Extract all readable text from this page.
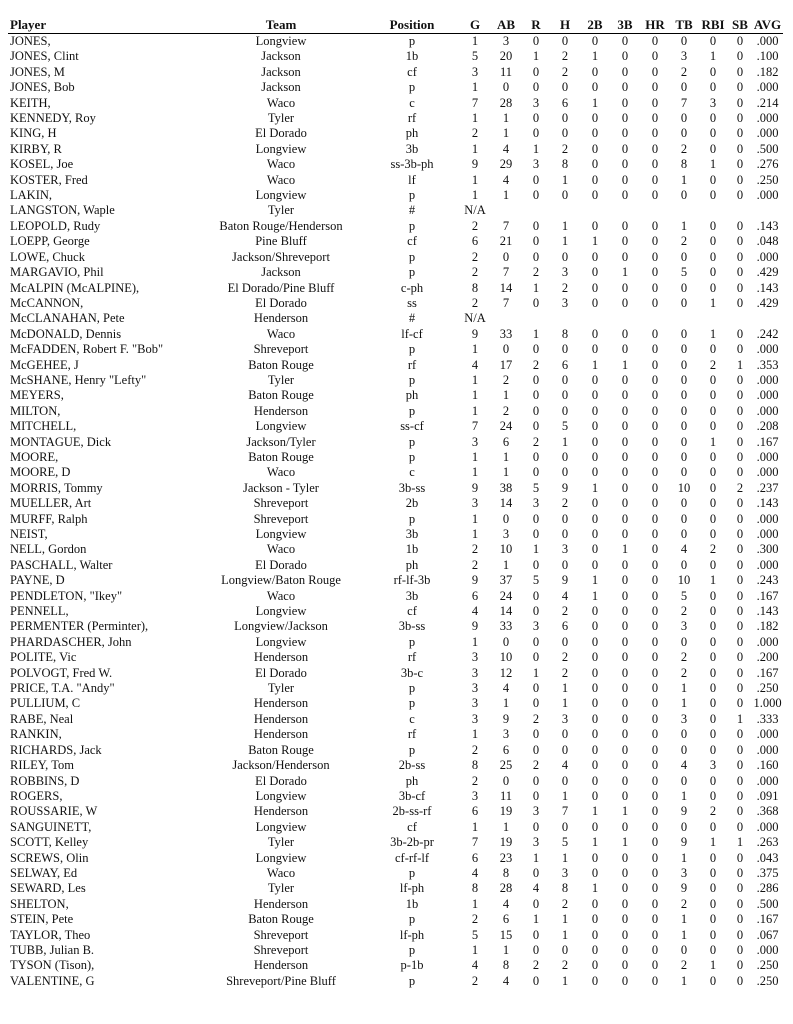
Player	Team	Position	G	AB	R	H	2B	3B	HR	TB	RBI	SB	AVG
JONES,	Longview	p	1	3	0	0	0	0	0	0	0	0	.000
JONES, Clint	Jackson	1b	5	20	1	2	1	0	0	3	1	0	.100
JONES, M	Jackson	cf	3	11	0	2	0	0	0	2	0	0	.182
JONES, Bob	Jackson	p	1	0	0	0	0	0	0	0	0	0	.000
KEITH,	Waco	c	7	28	3	6	1	0	0	7	3	0	.214
KENNEDY, Roy	Tyler	rf	1	1	0	0	0	0	0	0	0	0	.000
KING, H	El Dorado	ph	2	1	0	0	0	0	0	0	0	0	.000
KIRBY, R	Longview	3b	1	4	1	2	0	0	0	2	0	0	.500
KOSEL, Joe	Waco	ss-3b-ph	9	29	3	8	0	0	0	8	1	0	.276
KOSTER, Fred	Waco	lf	1	4	0	1	0	0	0	1	0	0	.250
LAKIN,	Longview	p	1	1	0	0	0	0	0	0	0	0	.000
LANGSTON, Waple	Tyler	#	N/A										
LEOPOLD, Rudy	Baton Rouge/Henderson	p	2	7	0	1	0	0	0	1	0	0	.143
LOEPP, George	Pine Bluff	cf	6	21	0	1	1	0	0	2	0	0	.048
LOWE, Chuck	Jackson/Shreveport	p	2	0	0	0	0	0	0	0	0	0	.000
MARGAVIO, Phil	Jackson	p	2	7	2	3	0	1	0	5	0	0	.429
McALPIN (McALPINE),	El Dorado/Pine Bluff	c-ph	8	14	1	2	0	0	0	0	0	0	.143
McCANNON,	El Dorado	ss	2	7	0	3	0	0	0	0	1	0	.429
McCLANAHAN, Pete	Henderson	#	N/A										
McDONALD, Dennis	Waco	lf-cf	9	33	1	8	0	0	0	0	1	0	.242
McFADDEN, Robert F. "Bob"	Shreveport	p	1	0	0	0	0	0	0	0	0	0	.000
McGEHEE, J	Baton Rouge	rf	4	17	2	6	1	1	0	0	2	1	.353
McSHANE, Henry "Lefty"	Tyler	p	1	2	0	0	0	0	0	0	0	0	.000
MEYERS,	Baton Rouge	ph	1	1	0	0	0	0	0	0	0	0	.000
MILTON,	Henderson	p	1	2	0	0	0	0	0	0	0	0	.000
MITCHELL,	Longview	ss-cf	7	24	0	5	0	0	0	0	0	0	.208
MONTAGUE, Dick	Jackson/Tyler	p	3	6	2	1	0	0	0	0	1	0	.167
MOORE,	Baton Rouge	p	1	1	0	0	0	0	0	0	0	0	.000
MOORE, D	Waco	c	1	1	0	0	0	0	0	0	0	0	.000
MORRIS, Tommy	Jackson - Tyler	3b-ss	9	38	5	9	1	0	0	10	0	2	.237
MUELLER, Art	Shreveport	2b	3	14	3	2	0	0	0	0	0	0	.143
MURFF, Ralph	Shreveport	p	1	0	0	0	0	0	0	0	0	0	.000
NEIST,	Longview	3b	1	3	0	0	0	0	0	0	0	0	.000
NELL, Gordon	Waco	1b	2	10	1	3	0	1	0	4	2	0	.300
PASCHALL, Walter	El Dorado	ph	2	1	0	0	0	0	0	0	0	0	.000
PAYNE, D	Longview/Baton Rouge	rf-lf-3b	9	37	5	9	1	0	0	10	1	0	.243
PENDLETON, "Ikey"	Waco	3b	6	24	0	4	1	0	0	5	0	0	.167
PENNELL,	Longview	cf	4	14	0	2	0	0	0	2	0	0	.143
PERMENTER (Perminter),	Longview/Jackson	3b-ss	9	33	3	6	0	0	0	3	0	0	.182
PHARDASCHER, John	Longview	p	1	0	0	0	0	0	0	0	0	0	.000
POLITE, Vic	Henderson	rf	3	10	0	2	0	0	0	2	0	0	.200
POLVOGT, Fred W.	El Dorado	3b-c	3	12	1	2	0	0	0	2	0	0	.167
PRICE, T.A. "Andy"	Tyler	p	3	4	0	1	0	0	0	1	0	0	.250
PULLIUM, C	Henderson	p	3	1	0	1	0	0	0	1	0	0	1.000
RABE, Neal	Henderson	c	3	9	2	3	0	0	0	3	0	1	.333
RANKIN,	Henderson	rf	1	3	0	0	0	0	0	0	0	0	.000
RICHARDS, Jack	Baton Rouge	p	2	6	0	0	0	0	0	0	0	0	.000
RILEY, Tom	Jackson/Henderson	2b-ss	8	25	2	4	0	0	0	4	3	0	.160
ROBBINS, D	El Dorado	ph	2	0	0	0	0	0	0	0	0	0	.000
ROGERS,	Longview	3b-cf	3	11	0	1	0	0	0	1	0	0	.091
ROUSSARIE, W	Henderson	2b-ss-rf	6	19	3	7	1	1	0	9	2	0	.368
SANGUINETT,	Longview	cf	1	1	0	0	0	0	0	0	0	0	.000
SCOTT, Kelley	Tyler	3b-2b-pr	7	19	3	5	1	1	0	9	1	1	.263
SCREWS, Olin	Longview	cf-rf-lf	6	23	1	1	0	0	0	1	0	0	.043
SELWAY, Ed	Waco	p	4	8	0	3	0	0	0	3	0	0	.375
SEWARD, Les	Tyler	lf-ph	8	28	4	8	1	0	0	9	0	0	.286
SHELTON,	Henderson	1b	1	4	0	2	0	0	0	2	0	0	.500
STEIN, Pete	Baton Rouge	p	2	6	1	1	0	0	0	1	0	0	.167
TAYLOR, Theo	Shreveport	lf-ph	5	15	0	1	0	0	0	1	0	0	.067
TUBB, Julian B.	Shreveport	p	1	1	0	0	0	0	0	0	0	0	.000
TYSON (Tison),	Henderson	p-1b	4	8	2	2	0	0	0	2	1	0	.250
VALENTINE, G	Shreveport/Pine Bluff	p	2	4	0	1	0	0	0	1	0	0	.250
